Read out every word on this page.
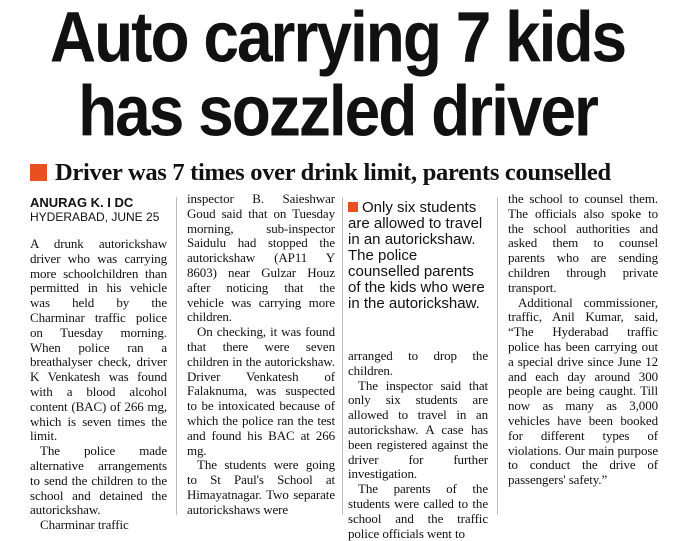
Auto carrying 7 kids
has sozzled driver
Driver was 7 times over drink limit, parents counselled
ANURAG K. I DC
HYDERABAD, JUNE 25

A drunk autorickshaw driver who was carrying more schoolchildren than permitted in his vehicle was held by the Charminar traffic police on Tuesday morning. When police ran a breathalyser check, driver K Venkatesh was found with a blood alcohol content (BAC) of 266 mg, which is seven times the limit.

The police made alternative arrangements to send the children to the school and detained the autorickshaw.

Charminar traffic

inspector B. Saieshwar Goud said that on Tuesday morning, sub-inspector Saidulu had stopped the autorickshaw (AP11 Y 8603) near Gulzar Houz after noticing that the vehicle was carrying more children.

On checking, it was found that there were seven children in the autorickshaw. Driver Venkatesh of Falaknuma, was suspected to be intoxicated because of which the police ran the test and found his BAC at 266 mg.

The students were going to St Paul's School at Himayatnagar. Two separate autorickshaws were

Only six students are allowed to travel in an autorickshaw. The police counselled parents of the kids who were in the autorickshaw.

arranged to drop the children.

The inspector said that only six students are allowed to travel in an autorickshaw. A case has been registered against the driver for further investigation.

The parents of the students were called to the school and the traffic police officials went to

the school to counsel them. The officials also spoke to the school authorities and asked them to counsel parents who are sending children through private transport.

Additional commissioner, traffic, Anil Kumar, said, “The Hyderabad traffic police has been carrying out a special drive since June 12 and each day around 300 people are being caught. Till now as many as 3,000 vehicles have been booked for different types of violations. Our main purpose to conduct the drive of passengers' safety.”
